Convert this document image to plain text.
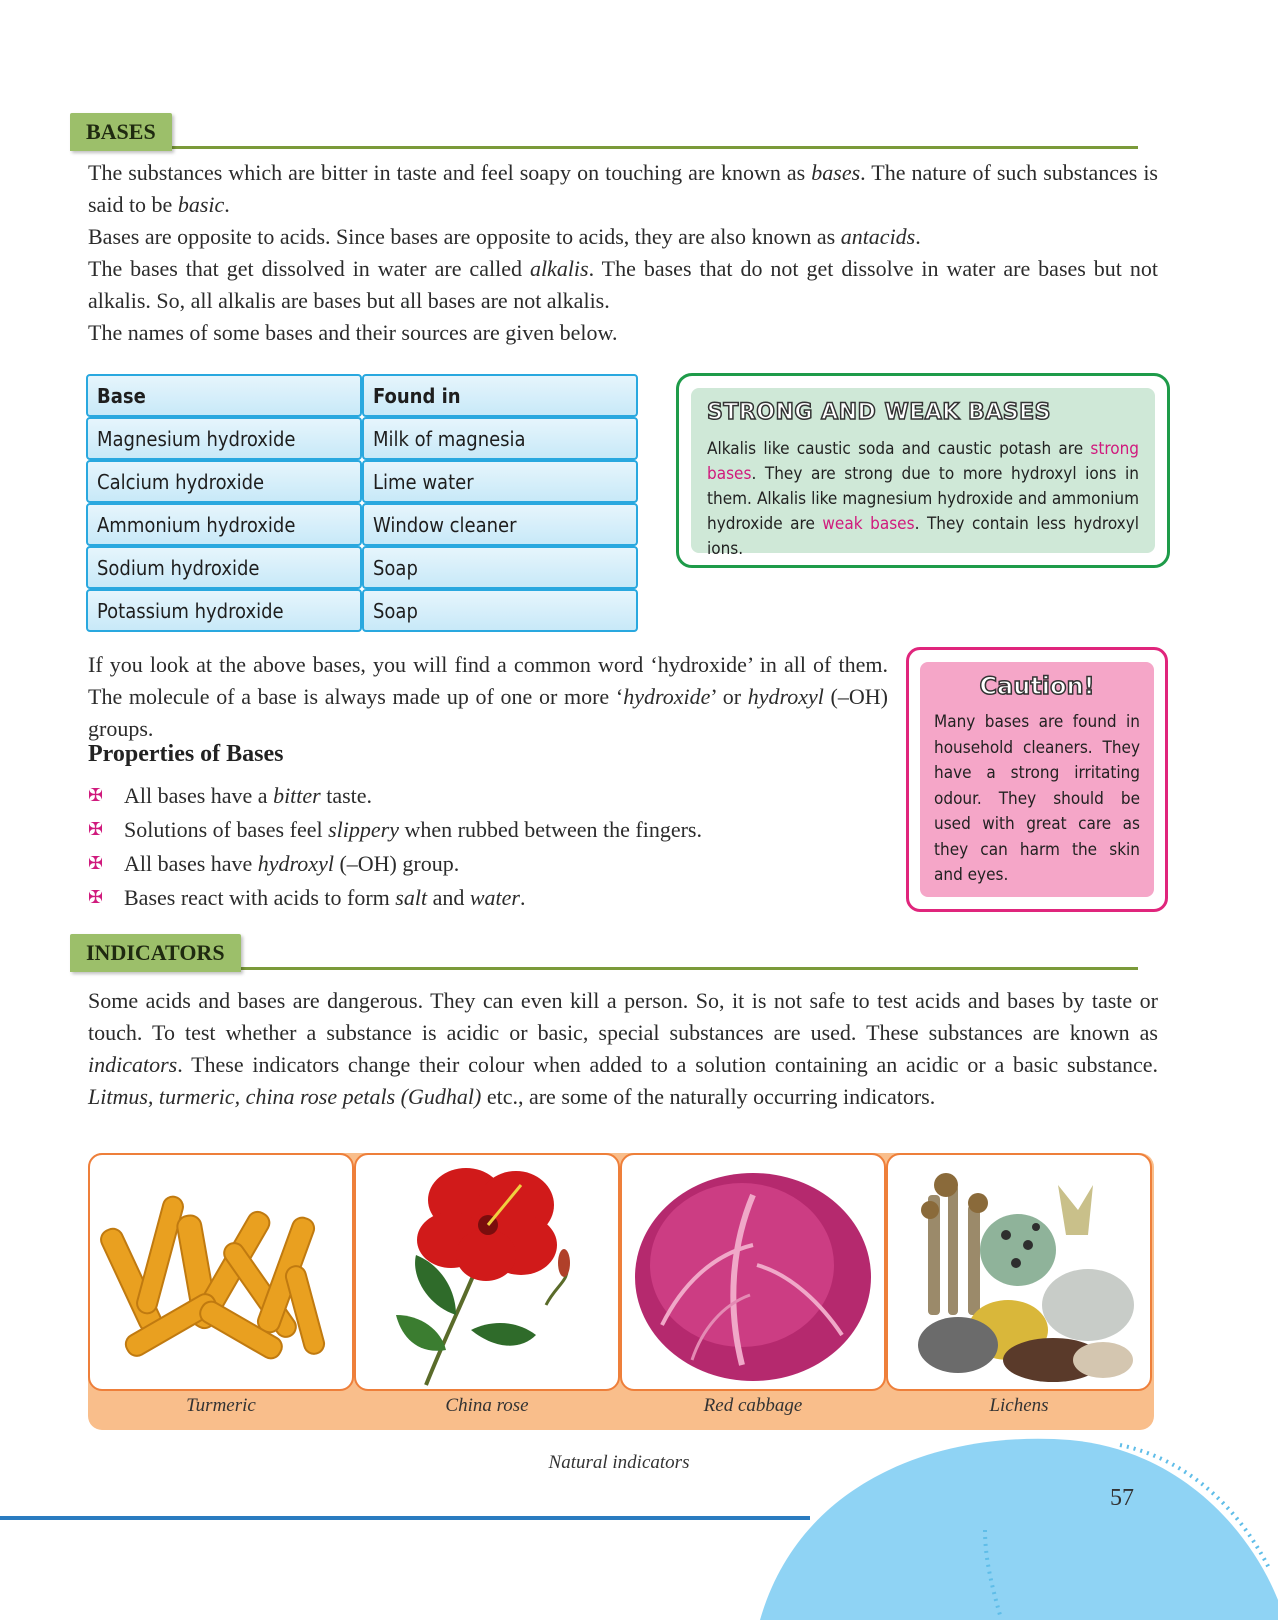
BASES
The substances which are bitter in taste and feel soapy on touching are known as bases. The nature of such substances is said to be basic.
Bases are opposite to acids. Since bases are opposite to acids, they are also known as antacids.
The bases that get dissolved in water are called alkalis. The bases that do not get dissolve in water are bases but not alkalis. So, all alkalis are bases but all bases are not alkalis.
The names of some bases and their sources are given below.
Base	Found in
Magnesium hydroxide	Milk of magnesia
Calcium hydroxide	Lime water
Ammonium hydroxide	Window cleaner
Sodium hydroxide	Soap
Potassium hydroxide	Soap
STRONG AND WEAK BASES
Alkalis like caustic soda and caustic potash are strong bases. They are strong due to more hydroxyl ions in them. Alkalis like magnesium hydroxide and ammonium hydroxide are weak bases. They contain less hydroxyl ions.
If you look at the above bases, you will find a common word ‘hydroxide’ in all of them. The molecule of a base is always made up of one or more ‘hydroxide’ or hydroxyl (–OH) groups.
Caution!
Many bases are found in household cleaners. They have a strong irritating odour. They should be used with great care as they can harm the skin and eyes.
Properties of Bases
✠ All bases have a bitter taste.
✠ Solutions of bases feel slippery when rubbed between the fingers.
✠ All bases have hydroxyl (–OH) group.
✠ Bases react with acids to form salt and water.
INDICATORS
Some acids and bases are dangerous. They can even kill a person. So, it is not safe to test acids and bases by taste or touch. To test whether a substance is acidic or basic, special substances are used. These substances are known as indicators. These indicators change their colour when added to a solution containing an acidic or a basic substance. Litmus, turmeric, china rose petals (Gudhal) etc., are some of the naturally occurring indicators.
Turmeric	China rose	Red cabbage	Lichens
Natural indicators
57
